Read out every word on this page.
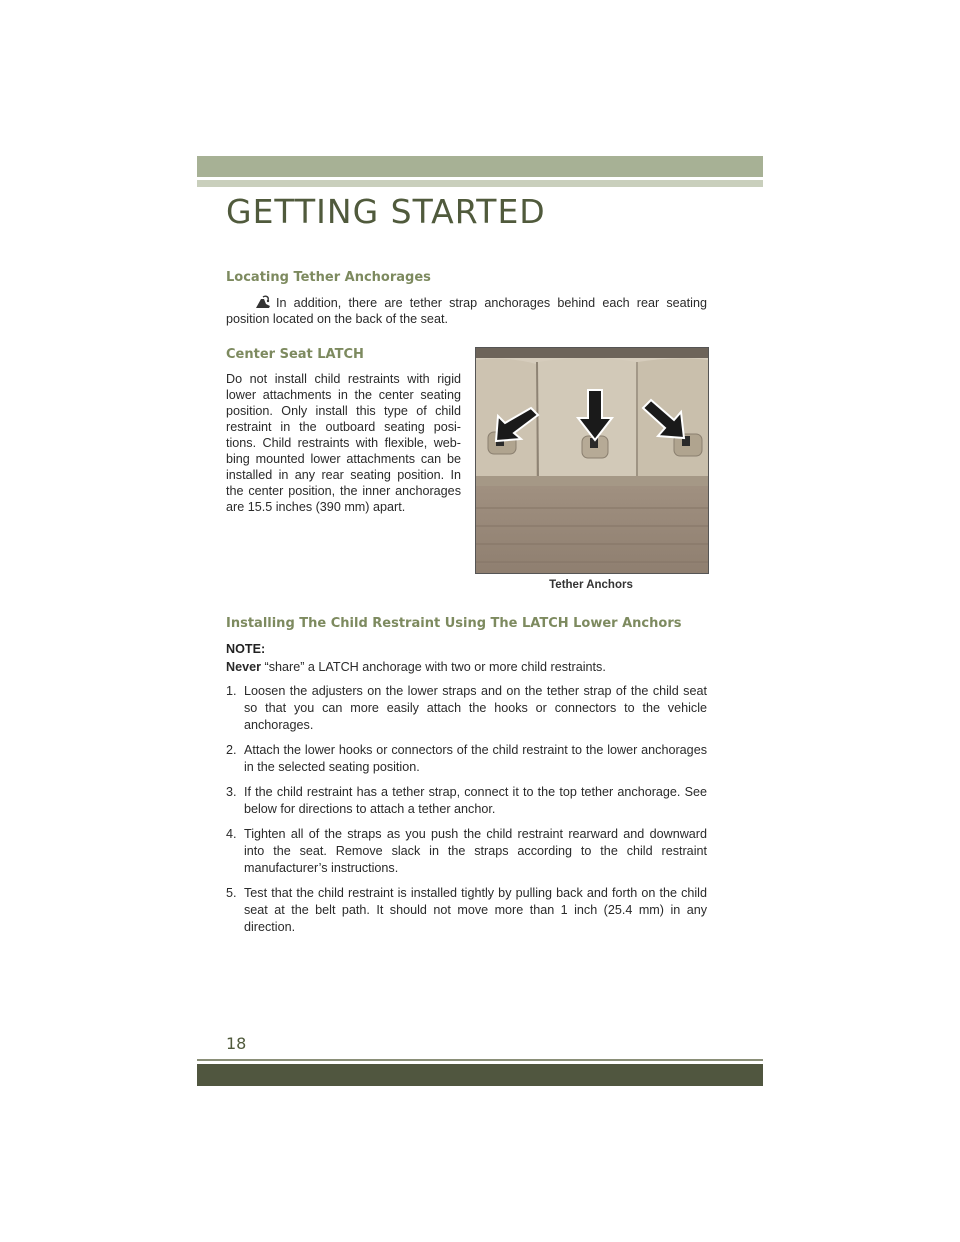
GETTING STARTED
Locating Tether Anchorages

In addition, there are tether strap anchorages behind each rear seating position located on the back of the seat.

Center Seat LATCH

Do not install child restraints with rigid lower attachments in the center seating position. Only install this type of child restraint in the outboard seating posi-tions. Child restraints with flexible, web-bing mounted lower attachments can be installed in any rear seating position. In the center position, the inner anchorages are 15.5 inches (390 mm) apart.

Tether Anchors
Installing The Child Restraint Using The LATCH Lower Anchors
NOTE:
Never “share” a LATCH anchorage with two or more child restraints.
1. Loosen the adjusters on the lower straps and on the tether strap of the child seat so that you can more easily attach the hooks or connectors to the vehicle anchorages.
2. Attach the lower hooks or connectors of the child restraint to the lower anchorages in the selected seating position.
3. If the child restraint has a tether strap, connect it to the top tether anchorage. See below for directions to attach a tether anchor.
4. Tighten all of the straps as you push the child restraint rearward and downward into the seat. Remove slack in the straps according to the child restraint manufacturer’s instructions.
5. Test that the child restraint is installed tightly by pulling back and forth on the child seat at the belt path. It should not move more than 1 inch (25.4 mm) in any direction.
18
